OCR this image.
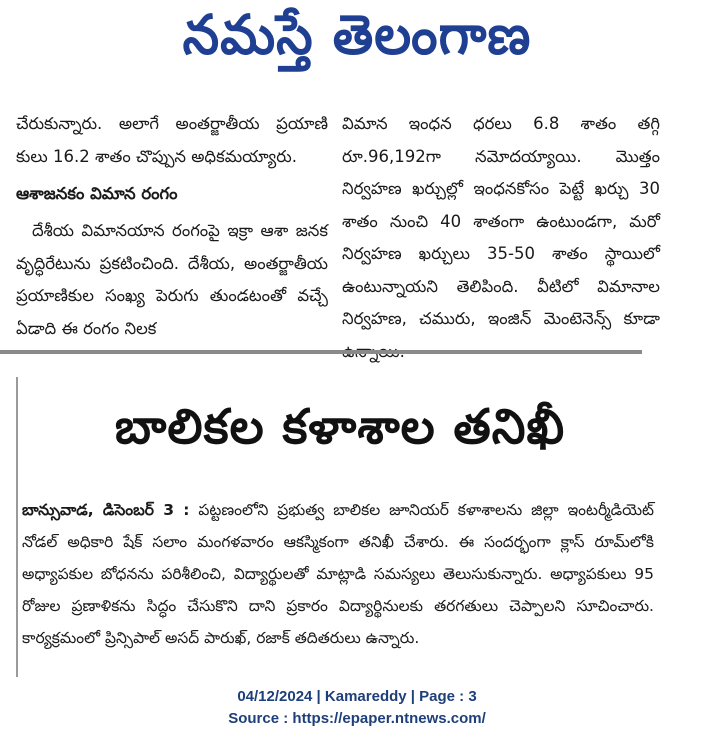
నమస్తే తెలంగాణ

చేరుకున్నారు. అలాగే అంతర్జాతీయ ప్రయాణి కులు 16.2 శాతం చొప్పున అధికమయ్యారు.

ఆశాజనకం విమాన రంగం

దేశీయ విమానయాన రంగంపై ఇక్రా ఆశా జనక వృద్ధిరేటును ప్రకటించింది. దేశీయ, అంతర్జాతీయ ప్రయాణికుల సంఖ్య పెరుగు తుండటంతో వచ్చే ఏడాది ఈ రంగం నిలక

విమాన ఇంధన ధరలు 6.8 శాతం తగ్గి రూ.96,192గా నమోదయ్యాయి. మొత్తం నిర్వహణ ఖర్చుల్లో ఇంధనకోసం పెట్టే ఖర్చు 30 శాతం నుంచి 40 శాతంగా ఉంటుండగా, మరో నిర్వహణ ఖర్చులు 35-50 శాతం స్థాయిలో ఉంటున్నాయని తెలిపింది. వీటిలో విమానాల నిర్వహణ, చమురు, ఇంజిన్ మెంటెనెన్స్ కూడా

బాలికల కళాశాల తనిఖీ
బాన్సువాడ, డిసెంబర్ 3 : పట్టణంలోని ప్రభుత్వ బాలికల జూనియర్ కళాశాలను జిల్లా ఇంటర్మీడియెట్ నోడల్ అధికారి షేక్ సలాం మంగళవారం ఆకస్మికంగా తనిఖీ చేశారు. ఈ సందర్భంగా క్లాస్ రూమ్‌లోకి అధ్యాపకుల బోధనను పరిశీలించి, విద్యార్థులతో మాట్లాడి సమస్యలు తెలుసుకున్నారు. అధ్యాపకులు 95 రోజుల ప్రణాళికను సిద్ధం చేసుకొని దాని ప్రకారం విద్యార్థినులకు తరగతులు చెప్పాలని సూచించారు. కార్యక్రమంలో ప్రిన్సిపాల్ అసద్ పారుఖ్, రజాక్ తదితరులు ఉన్నారు.
04/12/2024 | Kamareddy | Page : 3
Source : https://epaper.ntnews.com/
